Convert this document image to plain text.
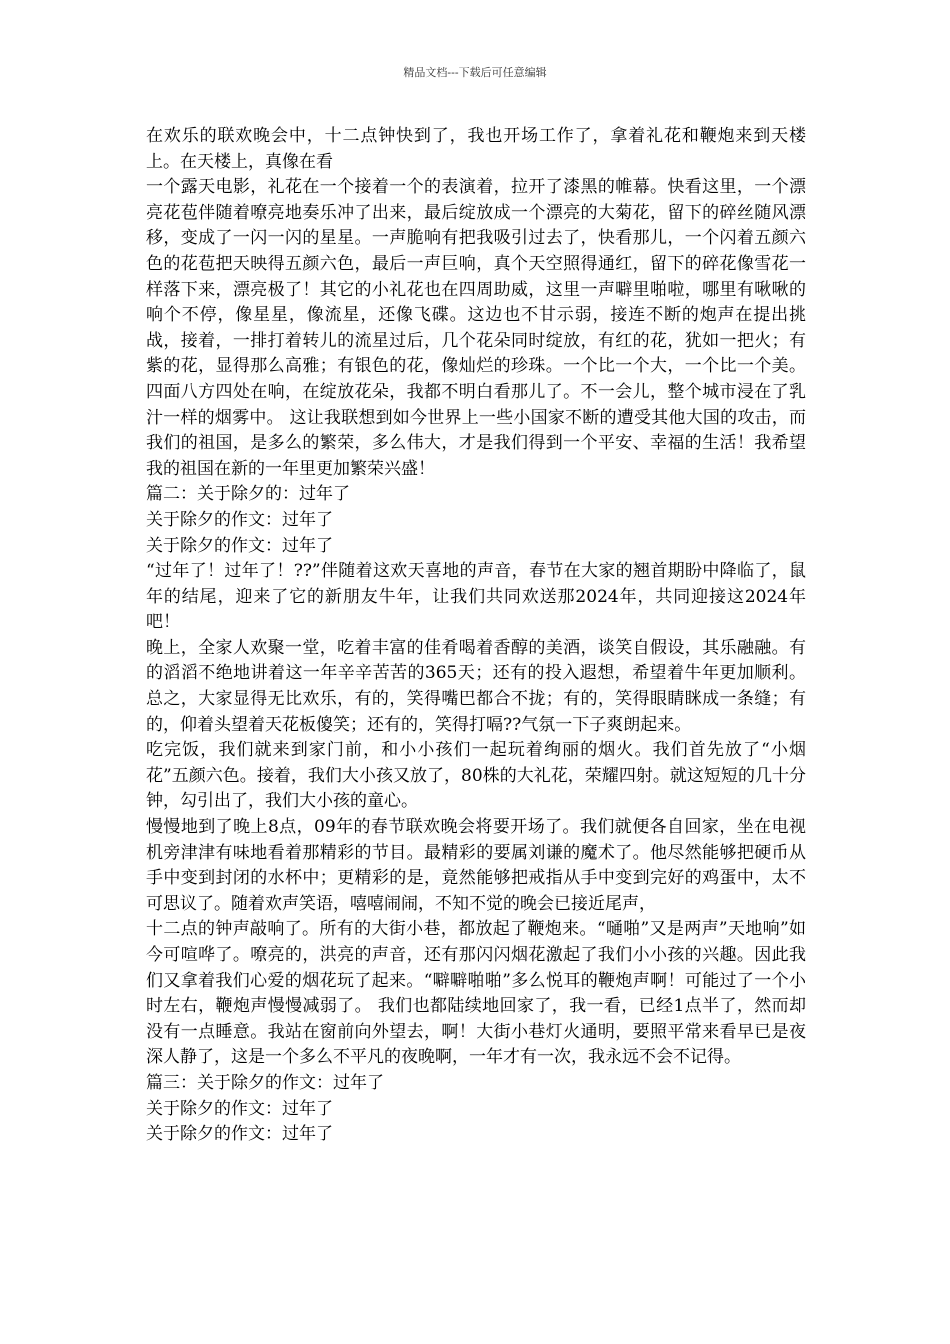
精品文档---下载后可任意编辑

在欢乐的联欢晚会中，十二点钟快到了，我也开场工作了，拿着礼花和鞭炮来到天楼上。在天楼上，真像在看

一个露天电影，礼花在一个接着一个的表演着，拉开了漆黑的帷幕。快看这里，一个漂亮花苞伴随着嘹亮地奏乐冲了出来，最后绽放成一个漂亮的大菊花，留下的碎丝随风漂移，变成了一闪一闪的星星。一声脆响有把我吸引过去了，快看那儿，一个闪着五颜六色的花苞把天映得五颜六色，最后一声巨响，真个天空照得通红，留下的碎花像雪花一样落下来，漂亮极了！其它的小礼花也在四周助威，这里一声噼里啪啦，哪里有啾啾的响个不停，像星星，像流星，还像飞碟。这边也不甘示弱，接连不断的炮声在提出挑战，接着，一排打着转儿的流星过后，几个花朵同时绽放，有红的花，犹如一把火；有紫的花，显得那么高雅；有银色的花，像灿烂的珍珠。一个比一个大，一个比一个美。四面八方四处在响，在绽放花朵，我都不明白看那儿了。不一会儿，整个城市浸在了乳汁一样的烟雾中。 这让我联想到如今世界上一些小国家不断的遭受其他大国的攻击，而我们的祖国，是多么的繁荣，多么伟大，才是我们得到一个平安、幸福的生活！我希望我的祖国在新的一年里更加繁荣兴盛！

篇二：关于除夕的：过年了

关于除夕的作文：过年了

关于除夕的作文：过年了

“过年了！过年了！??”伴随着这欢天喜地的声音，春节在大家的翘首期盼中降临了，鼠年的结尾，迎来了它的新朋友牛年，让我们共同欢送那2024年，共同迎接这2024年吧！

晚上，全家人欢聚一堂，吃着丰富的佳肴喝着香醇的美酒，谈笑自假设，其乐融融。有的滔滔不绝地讲着这一年辛辛苦苦的365天；还有的投入遐想，希望着牛年更加顺利。总之，大家显得无比欢乐，有的，笑得嘴巴都合不拢；有的，笑得眼睛眯成一条缝；有的，仰着头望着天花板傻笑；还有的，笑得打嗝??气氛一下子爽朗起来。

吃完饭，我们就来到家门前，和小小孩们一起玩着绚丽的烟火。我们首先放了“小烟花”五颜六色。接着，我们大小孩又放了，80株的大礼花，荣耀四射。就这短短的几十分钟，勾引出了，我们大小孩的童心。

慢慢地到了晚上8点，09年的春节联欢晚会将要开场了。我们就便各自回家，坐在电视机旁津津有味地看着那精彩的节目。最精彩的要属刘谦的魔术了。他尽然能够把硬币从手中变到封闭的水杯中；更精彩的是，竟然能够把戒指从手中变到完好的鸡蛋中，太不可思议了。随着欢声笑语，嘻嘻闹闹，不知不觉的晚会已接近尾声，

十二点的钟声敲响了。所有的大街小巷，都放起了鞭炮来。“嗵啪”又是两声”天地响”如今可喧哗了。嘹亮的，洪亮的声音，还有那闪闪烟花激起了我们小小孩的兴趣。因此我们又拿着我们心爱的烟花玩了起来。“噼噼啪啪”多么悦耳的鞭炮声啊！可能过了一个小时左右，鞭炮声慢慢减弱了。 我们也都陆续地回家了，我一看，已经1点半了，然而却没有一点睡意。我站在窗前向外望去，啊！大街小巷灯火通明，要照平常来看早已是夜深人静了，这是一个多么不平凡的夜晚啊，一年才有一次，我永远不会不记得。

篇三：关于除夕的作文：过年了

关于除夕的作文：过年了

关于除夕的作文：过年了
